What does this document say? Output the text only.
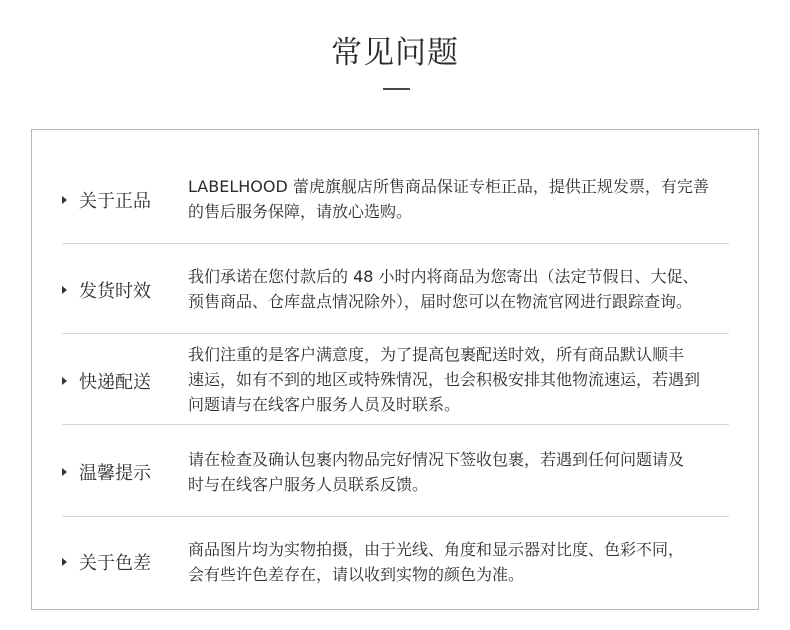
常见问题
关于正品
LABELHOOD 蕾虎旗舰店所售商品保证专柜正品，提供正规发票，有完善
的售后服务保障，请放心选购。
发货时效
我们承诺在您付款后的 48 小时内将商品为您寄出（法定节假日、大促、
预售商品、仓库盘点情况除外），届时您可以在物流官网进行跟踪查询。
快递配送
我们注重的是客户满意度，为了提高包裹配送时效，所有商品默认顺丰
速运，如有不到的地区或特殊情况，也会积极安排其他物流速运，若遇到
问题请与在线客户服务人员及时联系。
温馨提示
请在检查及确认包裹内物品完好情况下签收包裹，若遇到任何问题请及
时与在线客户服务人员联系反馈。
关于色差
商品图片均为实物拍摄，由于光线、角度和显示器对比度、色彩不同，
会有些许色差存在，请以收到实物的颜色为准。
